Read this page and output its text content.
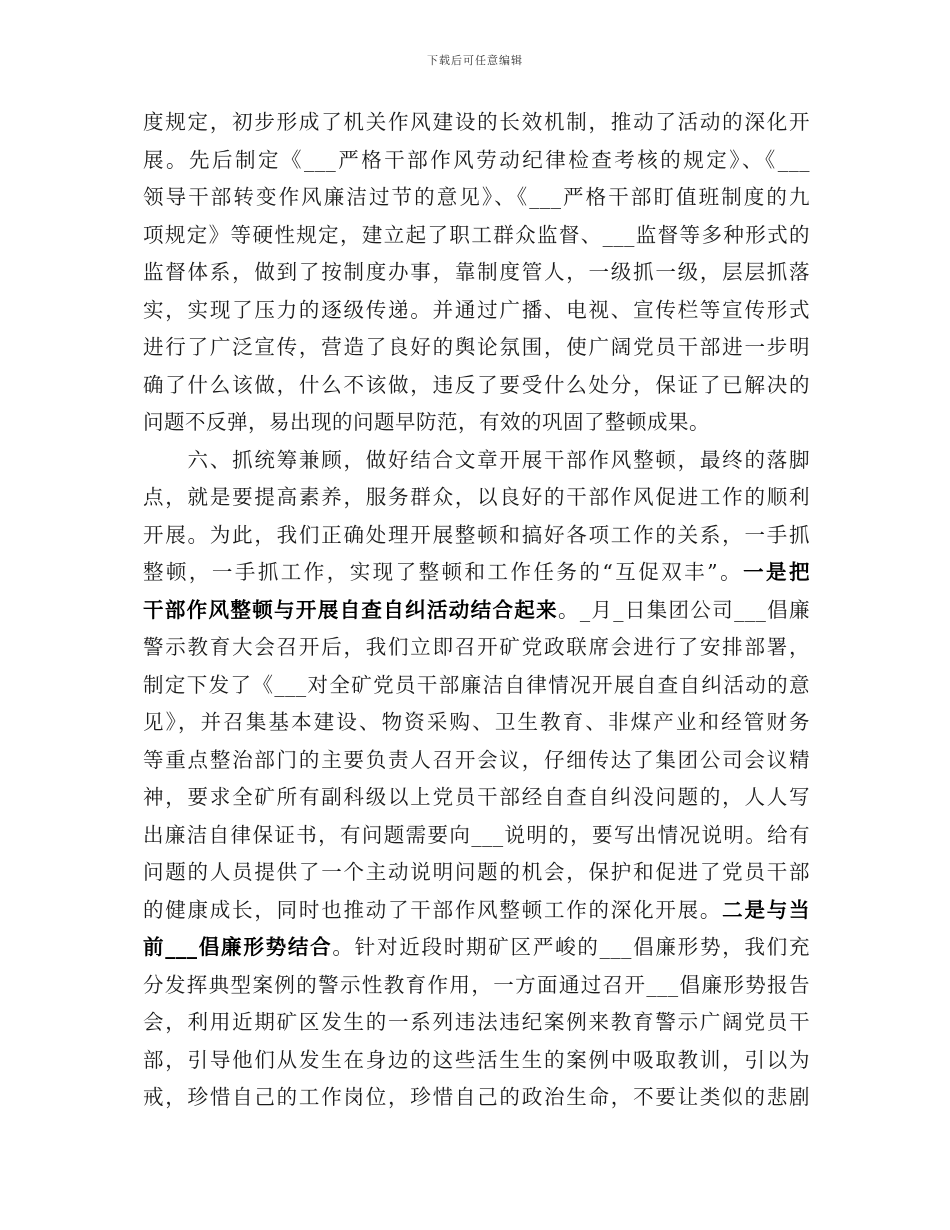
下载后可任意编辑
度规定，初步形成了机关作风建设的长效机制，推动了活动的深化开
展。先后制定《___严格干部作风劳动纪律检查考核的规定》、《___
领导干部转变作风廉洁过节的意见》、《___严格干部盯值班制度的九
项规定》等硬性规定，建立起了职工群众监督、___监督等多种形式的
监督体系，做到了按制度办事，靠制度管人，一级抓一级，层层抓落
实，实现了压力的逐级传递。并通过广播、电视、宣传栏等宣传形式
进行了广泛宣传，营造了良好的舆论氛围，使广阔党员干部进一步明
确了什么该做，什么不该做，违反了要受什么处分，保证了已解决的
问题不反弹，易出现的问题早防范，有效的巩固了整顿成果。
　　六、抓统筹兼顾，做好结合文章开展干部作风整顿，最终的落脚
点，就是要提高素养，服务群众，以良好的干部作风促进工作的顺利
开展。为此，我们正确处理开展整顿和搞好各项工作的关系，一手抓
整顿，一手抓工作，实现了整顿和工作任务的“互促双丰”。一是把
干部作风整顿与开展自查自纠活动结合起来。_月_日集团公司___倡廉
警示教育大会召开后，我们立即召开矿党政联席会进行了安排部署，
制定下发了《___对全矿党员干部廉洁自律情况开展自查自纠活动的意
见》，并召集基本建设、物资采购、卫生教育、非煤产业和经管财务
等重点整治部门的主要负责人召开会议，仔细传达了集团公司会议精
神，要求全矿所有副科级以上党员干部经自查自纠没问题的，人人写
出廉洁自律保证书，有问题需要向___说明的，要写出情况说明。给有
问题的人员提供了一个主动说明问题的机会，保护和促进了党员干部
的健康成长，同时也推动了干部作风整顿工作的深化开展。二是与当
前___倡廉形势结合。针对近段时期矿区严峻的___倡廉形势，我们充
分发挥典型案例的警示性教育作用，一方面通过召开___倡廉形势报告
会，利用近期矿区发生的一系列违法违纪案例来教育警示广阔党员干
部，引导他们从发生在身边的这些活生生的案例中吸取教训，引以为
戒，珍惜自己的工作岗位，珍惜自己的政治生命，不要让类似的悲剧
